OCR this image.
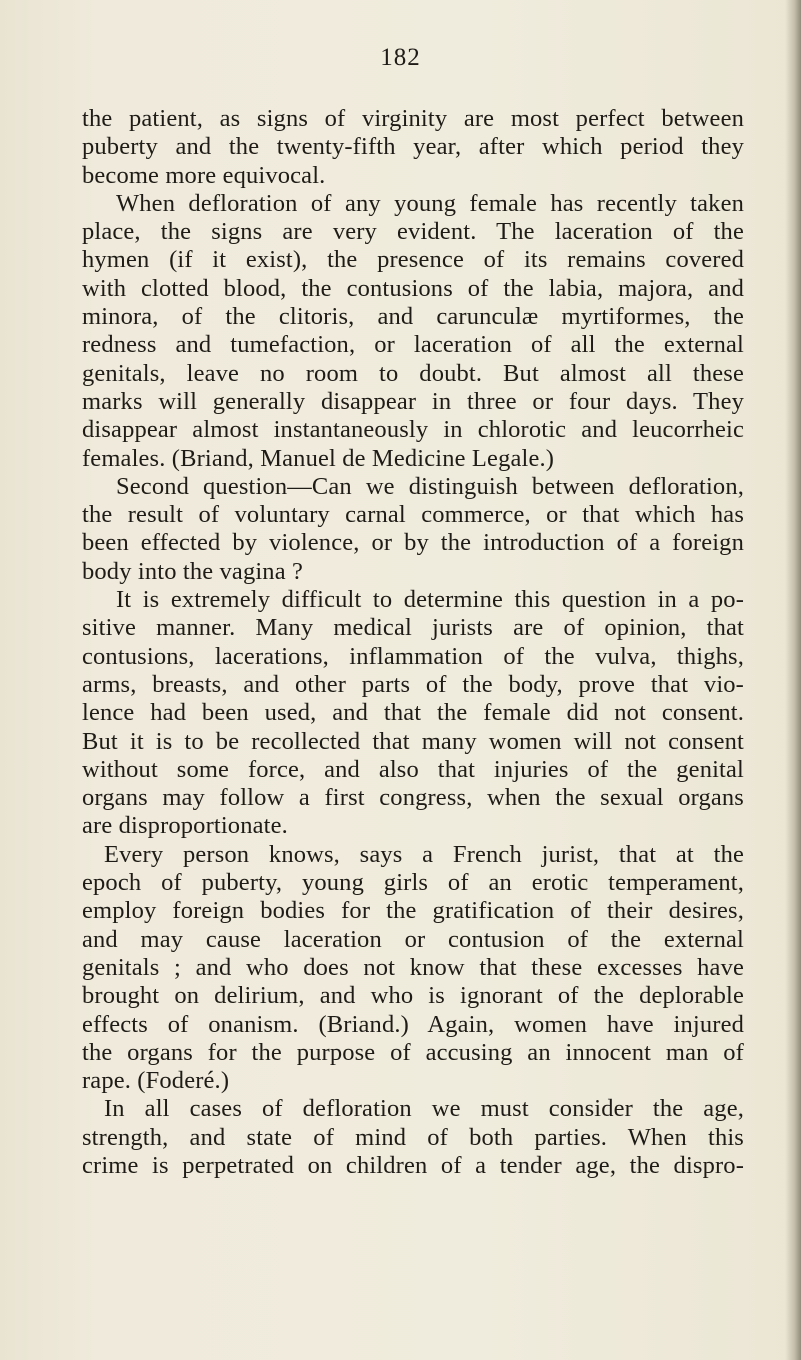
182
the patient, as signs of virginity are most perfect between
puberty and the twenty-fifth year, after which period they
become more equivocal.
When defloration of any young female has recently taken
place, the signs are very evident. The laceration of the
hymen (if it exist), the presence of its remains covered
with clotted blood, the contusions of the labia, majora, and
minora, of the clitoris, and carunculæ myrtiformes, the
redness and tumefaction, or laceration of all the external
genitals, leave no room to doubt. But almost all these
marks will generally disappear in three or four days. They
disappear almost instantaneously in chlorotic and leucorrheic
females. (Briand, Manuel de Medicine Legale.)
Second question—Can we distinguish between defloration,
the result of voluntary carnal commerce, or that which has
been effected by violence, or by the introduction of a foreign
body into the vagina ?
It is extremely difficult to determine this question in a po-
sitive manner. Many medical jurists are of opinion, that
contusions, lacerations, inflammation of the vulva, thighs,
arms, breasts, and other parts of the body, prove that vio-
lence had been used, and that the female did not consent.
But it is to be recollected that many women will not consent
without some force, and also that injuries of the genital
organs may follow a first congress, when the sexual organs
are disproportionate.
Every person knows, says a French jurist, that at the
epoch of puberty, young girls of an erotic temperament,
employ foreign bodies for the gratification of their desires,
and may cause laceration or contusion of the external
genitals ; and who does not know that these excesses have
brought on delirium, and who is ignorant of the deplorable
effects of onanism. (Briand.) Again, women have injured
the organs for the purpose of accusing an innocent man of
rape. (Foderé.)
In all cases of defloration we must consider the age,
strength, and state of mind of both parties. When this
crime is perpetrated on children of a tender age, the dispro-
